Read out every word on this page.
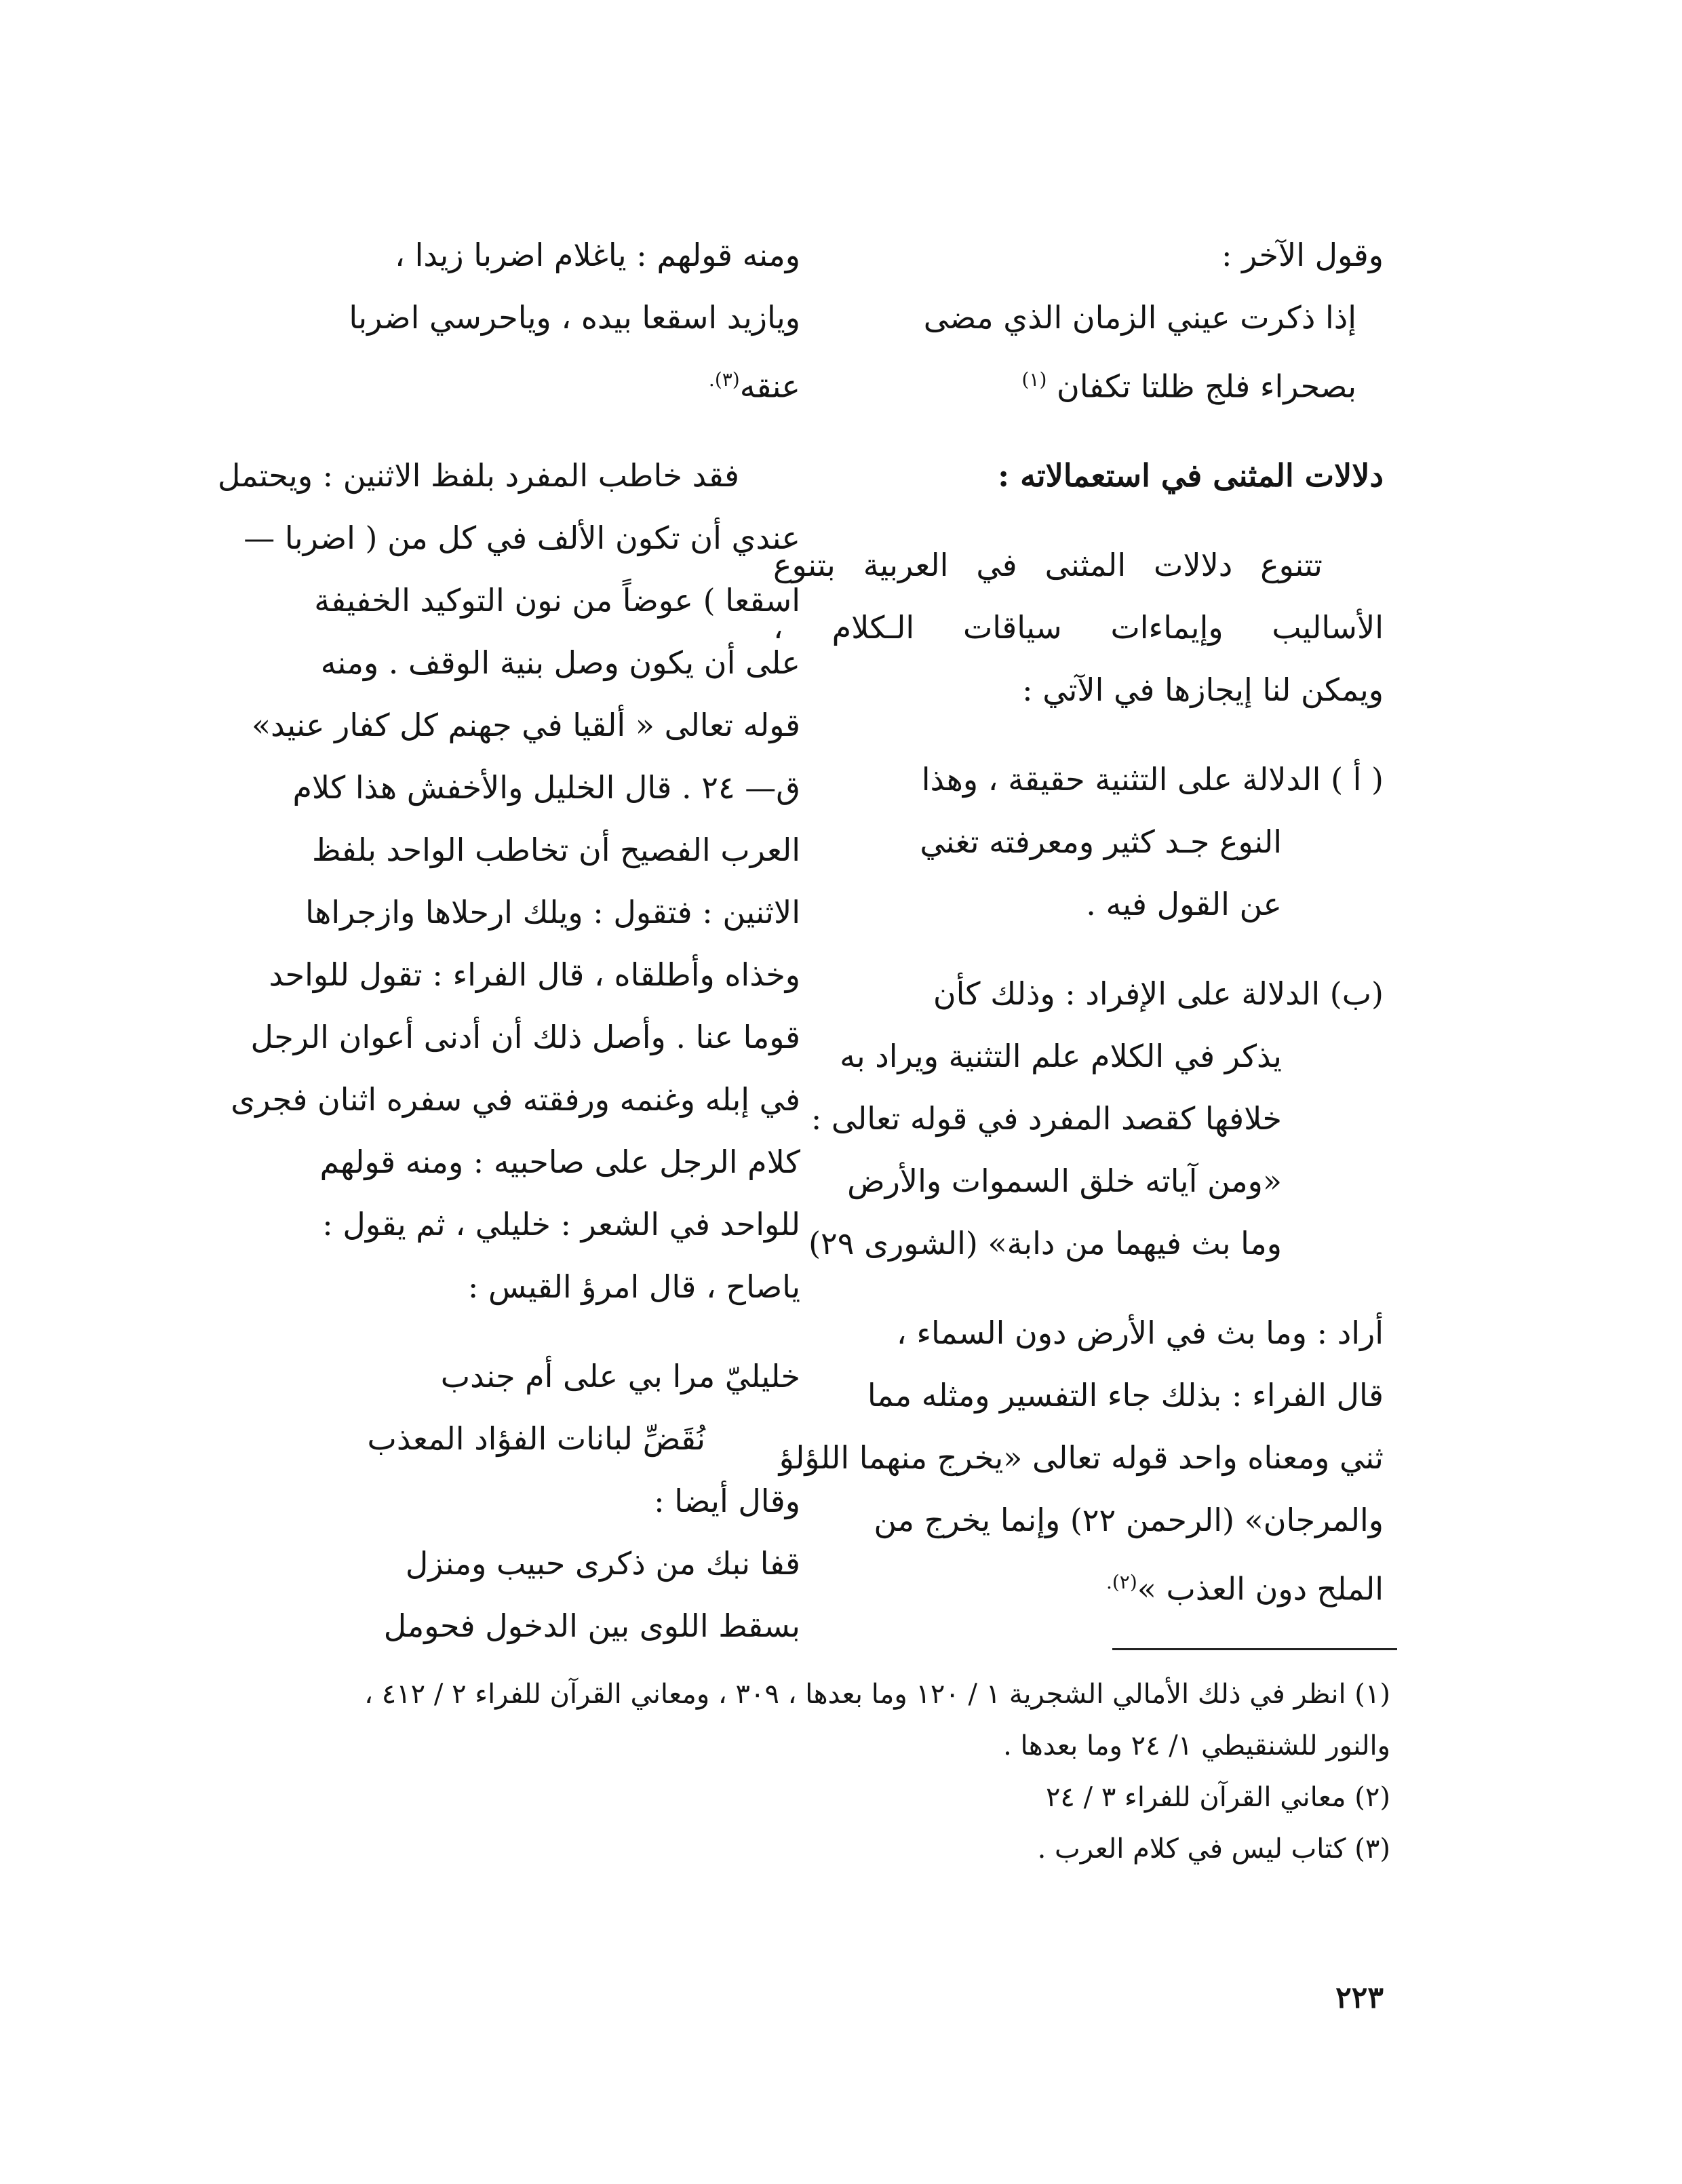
وقول الآخر :
إذا ذكرت عيني الزمان الذي مضى
بصحراء فلج ظلتا تكفان $^{(١)}$
دلالات المثنى في استعمالاته :
تتنوع دلالات المثنى في العربية بتنوع
الأساليب وإيماءات سياقات الـكلام ،
ويمكن لنا إيجازها في الآتي :
( أ ) الدلالة على التثنية حقيقة ، وهذا
النوع جـد كثير ومعرفته تغني
عن القول فيه .
(ب) الدلالة على الإفراد : وذلك كأن
يذكر في الكلام علم التثنية ويراد به
خلافها كقصد المفرد في قوله تعالى :
«ومن آياته خلق السموات والأرض
وما بث فيهما من دابة» (الشورى ٢٩)
أراد : وما بث في الأرض دون السماء ،
قال الفراء : بذلك جاء التفسير ومثله مما
ثني ومعناه واحد قوله تعالى «يخرج منهما اللؤلؤ
والمرجان» (الرحمن ٢٢) وإنما يخرج من
الملح دون العذب »$^{(٢).}$
ومنه قولهم : ياغلام اضربا زيدا ،
ويازيد اسقعا بيده ، وياحرسي اضربا
عنقه$^{(٣).}$
فقد خاطب المفرد بلفظ الاثنين : ويحتمل
عندي أن تكون الألف في كل من ( اضربا —
اسقعا ) عوضاً من نون التوكيد الخفيفة
على أن يكون وصل بنية الوقف . ومنه
قوله تعالى « ألقيا في جهنم كل كفار عنيد»
ق— ٢٤ . قال الخليل والأخفش هذا كلام
العرب الفصيح أن تخاطب الواحد بلفظ
الاثنين : فتقول : ويلك ارحلاها وازجراها
وخذاه وأطلقاه ، قال الفراء : تقول للواحد
قوما عنا . وأصل ذلك أن أدنى أعوان الرجل
في إبله وغنمه ورفقته في سفره اثنان فجرى
كلام الرجل على صاحبيه : ومنه قولهم
للواحد في الشعر : خليلي ، ثم يقول :
ياصاح ، قال امرؤ القيس :
خليليّ مرا بي على أم جندب
نُقَضِّ لبانات الفؤاد المعذب
وقال أيضا :
قفا نبك من ذكرى حبيب ومنزل
بسقط اللوى بين الدخول فحومل
(١) انظر في ذلك الأمالي الشجرية ١ / ١٢٠ وما بعدها ، ٣٠٩ ، ومعاني القرآن للفراء ٢ / ٤١٢ ،
والنور للشنقيطي ١/ ٢٤ وما بعدها .
(٢) معاني القرآن للفراء ٣ / ٢٤
(٣) كتاب ليس في كلام العرب .
٢٢٣
